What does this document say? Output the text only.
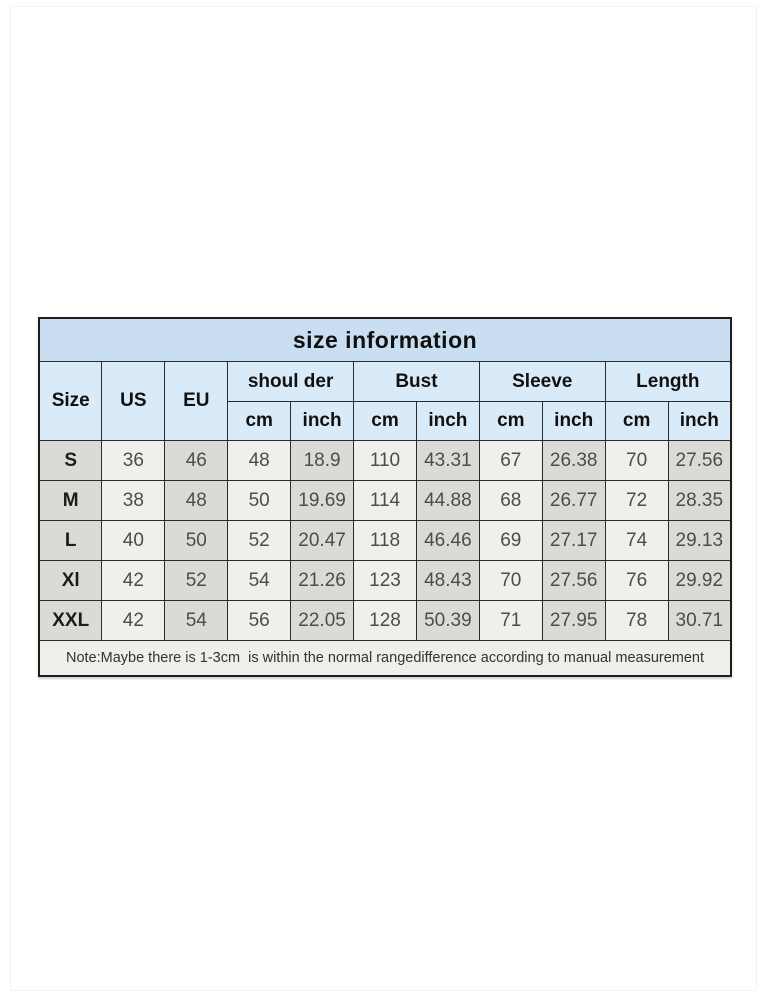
size information										
Size	US	EU	shoul der		Bust		Sleeve		Length	
			cm	inch	cm	inch	cm	inch	cm	inch
S	36	46	48	18.9	110	43.31	67	26.38	70	27.56
M	38	48	50	19.69	114	44.88	68	26.77	72	28.35
L	40	50	52	20.47	118	46.46	69	27.17	74	29.13
Xl	42	52	54	21.26	123	48.43	70	27.56	76	29.92
XXL	42	54	56	22.05	128	50.39	71	27.95	78	30.71
Note:Maybe there is 1-3cm  is within the normal rangedifference according to manual measurement										
